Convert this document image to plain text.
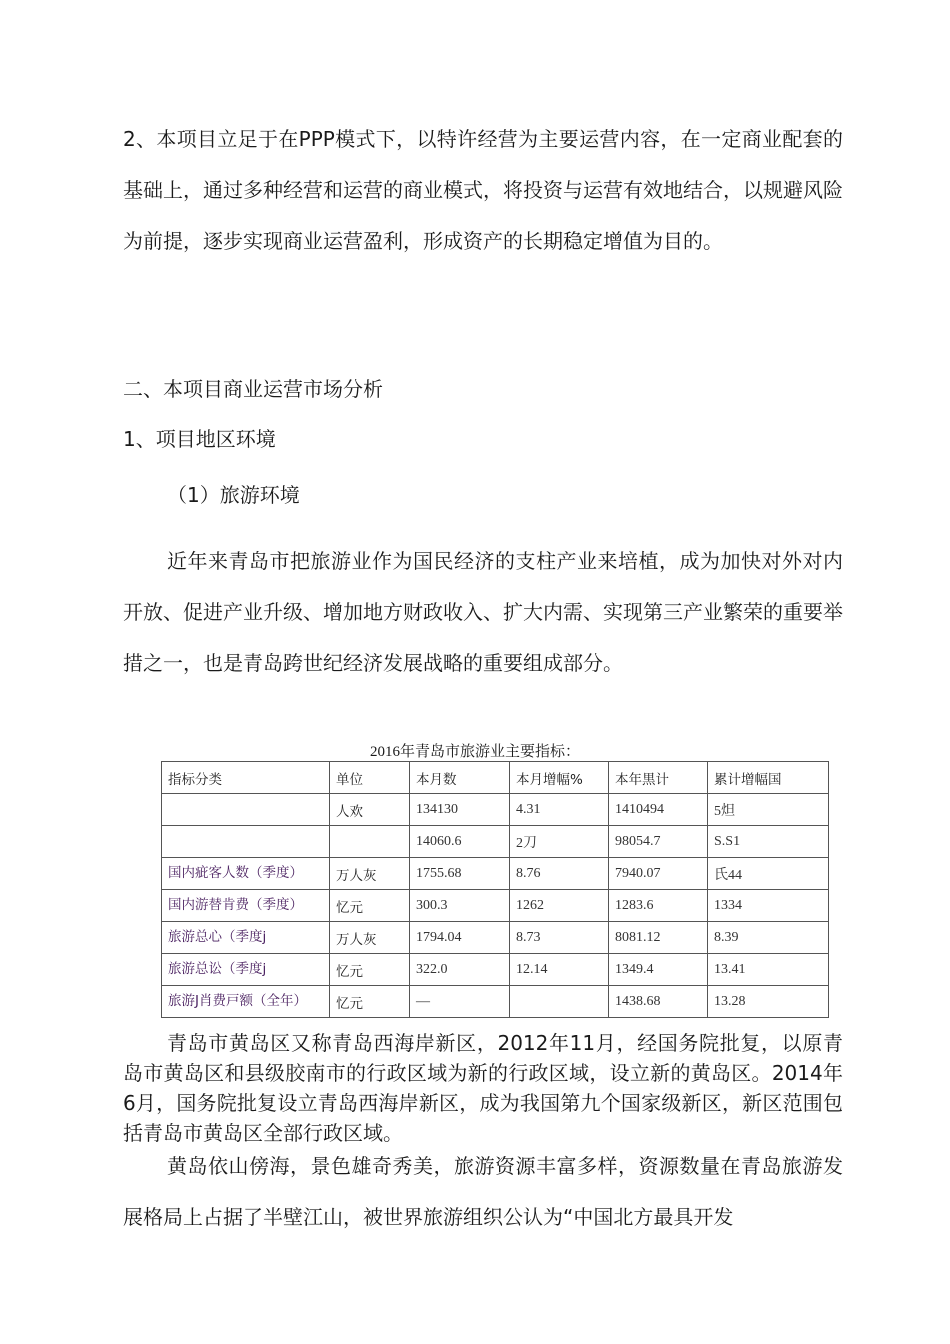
2、本项目立足于在PPP模式下，以特许经营为主要运营内容，在一定商业配套的基础上，通过多种经营和运营的商业模式，将投资与运营有效地结合，以规避风险为前提，逐步实现商业运营盈利，形成资产的长期稳定增值为目的。

二、本项目商业运营市场分析

1、项目地区环境

（1）旅游环境

近年来青岛市把旅游业作为国民经济的支柱产业来培植，成为加快对外对内开放、促进产业升级、增加地方财政收入、扩大内需、实现第三产业繁荣的重要举措之一，也是青岛跨世纪经济发展战略的重要组成部分。

2016年青岛市旅游业主要指标：
指标分类	单位	本月数	本月增幅%	本年黒计	累计增幅国
	人欢	134130	4.31	1410494	5炟
		14060.6	2刀	98054.7	S.S1
国内疵客人数（季度）	万人灰	1755.68	8.76	7940.07	氏44
国内游替肯费（季度）	忆元	300.3	1262	1283.6	1334
旅游总心（季度j	万人灰	1794.04	8.73	8081.12	8.39
旅游总讼（季度j	忆元	322.0	12.14	1349.4	13.41
旅游J肖费戸额（全年）	忆元	—		1438.68	13.28

青岛市黄岛区又称青岛西海岸新区，2012年11月，经国务院批复，以原青岛市黄岛区和县级胶南市的行政区域为新的行政区域，设立新的黄岛区。2014年6月，国务院批复设立青岛西海岸新区，成为我国第九个国家级新区，新区范围包括青岛市黄岛区全部行政区域。

黄岛依山傍海，景色雄奇秀美，旅游资源丰富多样，资源数量在青岛旅游发展格局上占据了半壁江山，被世界旅游组织公认为“中国北方最具开发
